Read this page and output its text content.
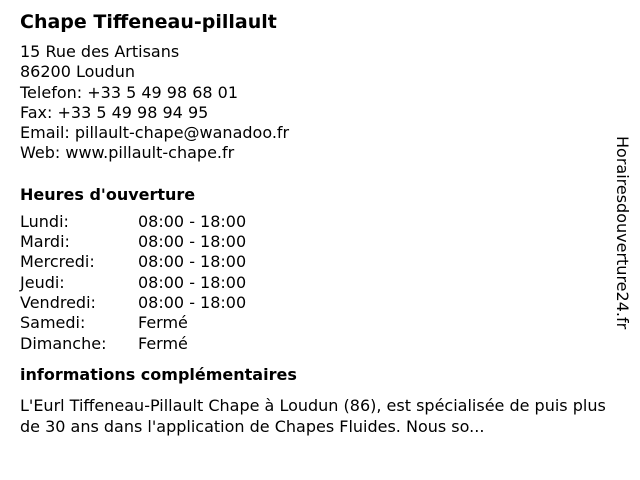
Chape Tiffeneau-pillault
15 Rue des Artisans
86200 Loudun
Telefon: +33 5 49 98 68 01
Fax: +33 5 49 98 94 95
Email: pillault-chape@wanadoo.fr
Web: www.pillault-chape.fr
Heures d'ouverture
Lundi:	08:00 - 18:00
Mardi:	08:00 - 18:00
Mercredi:	08:00 - 18:00
Jeudi:	08:00 - 18:00
Vendredi:	08:00 - 18:00
Samedi:	Fermé
Dimanche:	Fermé
informations complémentaires
L'Eurl Tiffeneau-Pillault Chape à Loudun (86), est spécialisée de puis plus de 30 ans dans l'application de Chapes Fluides. Nous so...
Horairesdouverture24.fr
